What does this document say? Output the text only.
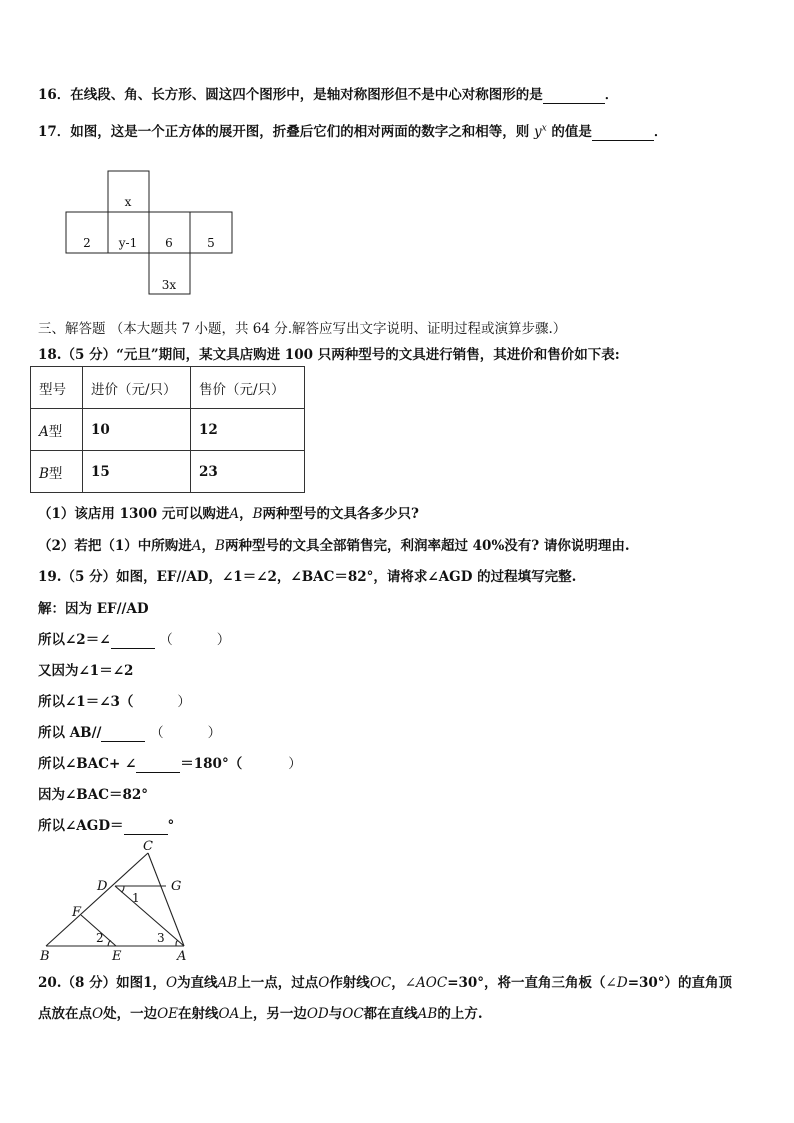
16．在线段、角、长方形、圆这四个图形中，是轴对称图形但不是中心对称图形的是	．
17．如图，这是一个正方体的展开图，折叠后它们的相对两面的数字之和相等，则 $y^x$ 的值是	．
x
2 y-1 6	5
3x
三、解答题 （本大题共 7 小题，共 64 分.解答应写出文字说明、证明过程或演算步骤.）
18.（5 分）“元旦”期间，某文具店购进 100 只两种型号的文具进行销售，其进价和售价如下表:
型号	进价（元/只）	售价（元/只）
A型	10	12
B型	15	23
（1）该店用 1300 元可以购进A，B两种型号的文具各多少只?
（2）若把（1）中所购进A，B两种型号的文具全部销售完，利润率超过 40%没有? 请你说明理由.
19.（5 分）如图，EF//AD，∠1＝∠2，∠BAC＝82°，请将求∠AGD 的过程填写完整.
解：因为 EF//AD
所以∠2＝∠	（	）
又因为∠1＝∠2
所以∠1＝∠3（	）
所以 AB//	（	）
所以∠BAC+ ∠	＝180°（	）
因为∠BAC＝82°
所以∠AGD＝	°
C
D	G
F
B	E	A
1
2	3
20.（8 分）如图1，O为直线AB上一点，过点O作射线OC，∠AOC=30°，将一直角三角板（∠D=30°）的直角顶
点放在点O处，一边OE在射线OA上，另一边OD与OC都在直线AB的上方.
